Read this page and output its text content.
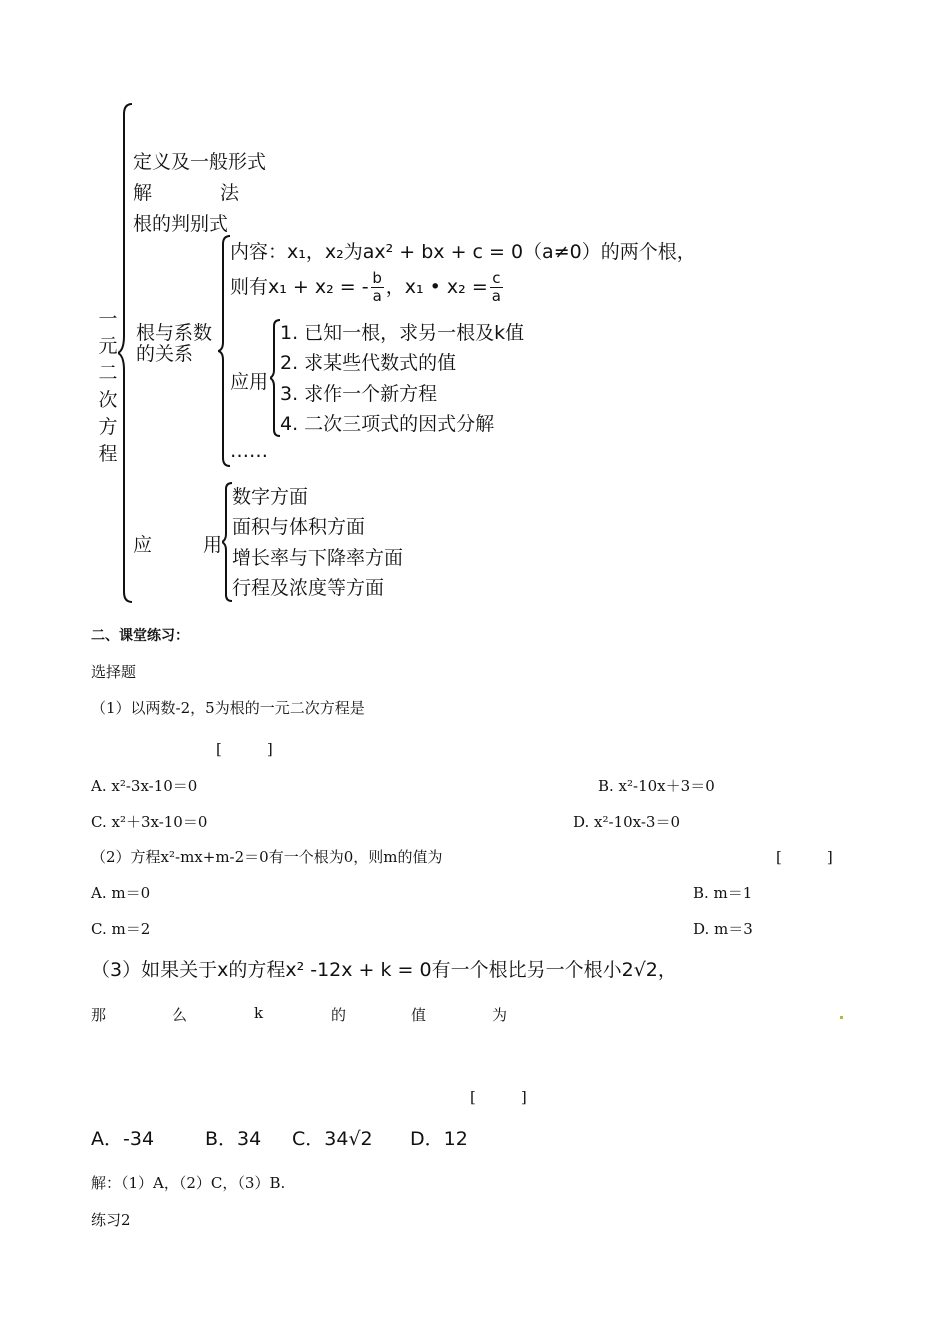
一元二次方程
定义及一般形式
解	法
根的判别式
根与系数
的关系
内容：x₁，x₂为ax² + bx + c = 0（a≠0）的两个根，
则有x₁ + x₂ = - $\frac{b}{a}$ ，x₁ • $x_2 = \frac{c}{a}$
应用
1. 已知一根，求另一根及k值
2. 求某些代数式的值
3. 求作一个新方程
4. 二次三项式的因式分解
……
应	用
数字方面
面积与体积方面
增长率与下降率方面
行程及浓度等方面
二、课堂练习：
选择题
（1）以两数-2，5为根的一元二次方程是
[　　　]
A. x²-3x-10＝0	B. x²-10x＋3＝0
C. x²＋3x-10＝0	D. x²-10x-3＝0
（2）方程x²-mx+m-2＝0有一个根为0，则m的值为	[　　　]
A. m＝0	B. m＝1
C. m＝2	D. m＝3
（3）如果关于x的方程x² -12x + k = 0有一个根比另一个根小2√2，
那	么	k	的	值	为
[　　　]
A．-34	B．34 C．34√2 D．12
解：（1）A，（2）C，（3）B.
练习2
